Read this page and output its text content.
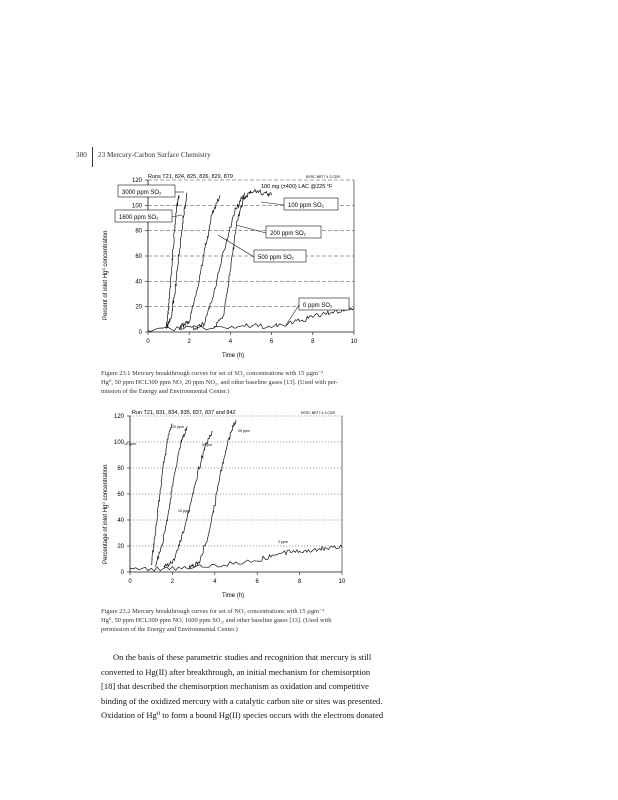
380 23 Mercury-Carbon Surface Chemistry
Runs T21, 824, 825, 826, 829, 879	EERC BRT7 4 2.CDR
100 mg (±400) LAC @225 °F
Time (h)
Percent of inlet Hg⁰ concentration
0	2	4	6	8	10
0
20
40
60
80
100
120
3000 ppm SO₂
1600 ppm SO₂
100 ppm SO₂
200 ppm SO₂
500 ppm SO₂
0 ppm SO₂
Figure 23.1 Mercury breakthrough curves for set of SO₂ concentrations with 15 µgm⁻³
Hg⁰, 50 ppm HCL300 ppm NO, 20 ppm NO₂, and other baseline gases [13]. (Used with per-
mission of the Energy and Environmental Center.)
Run T21, 831, 834, 835, 837, 837 and 842	EERC BRT7 4 3.CDR
Time (h)
Percentage of inlet Hg⁰ concentration
0	2	4	6	8	10
0
20
40
60
80
100
120
20 ppm
5 ppm
10 ppm
25 ppm
10 ppm
2 ppm
Figure 23.2 Mercury breakthrough curves for set of NO₂ concentrations with 15 µgm⁻³
Hg⁰, 50 ppm HCL300 ppm NO, 1600 ppm SO₂, and other baseline gases [13]. (Used with
permission of the Energy and Environmental Center.)
On the basis of these parametric studies and recognition that mercury is still
converted to Hg(II) after breakthrough, an initial mechanism for chemisorption
[18] that described the chemisorption mechanism as oxidation and competitive
binding of the oxidized mercury with a catalytic carbon site or sites was presented.
Oxidation of Hg⁰ to form a bound Hg(II) species occurs with the electrons donated
